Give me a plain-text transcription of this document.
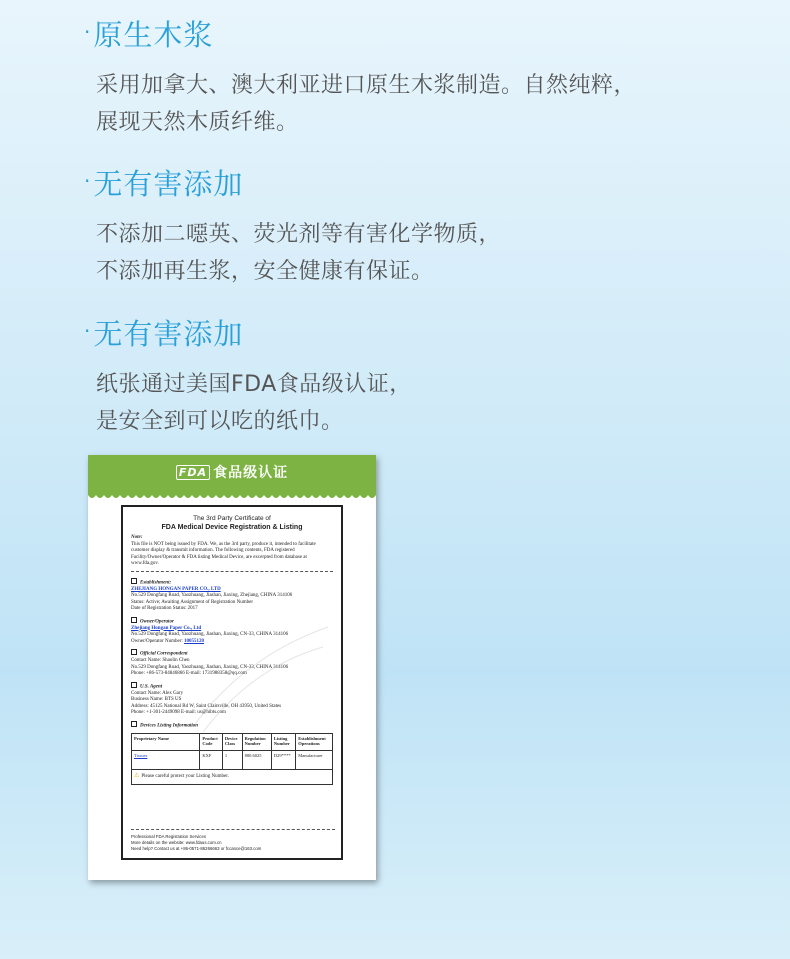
·原生木浆
采用加拿大、澳大利亚进口原生木浆制造。自然纯粹，
展现天然木质纤维。
·无有害添加
不添加二噁英、荧光剂等有害化学物质，
不添加再生浆，安全健康有保证。
·无有害添加
纸张通过美国FDA食品级认证，
是安全到可以吃的纸巾。
FDA 食品级认证
The 3rd Party Certificate of
FDA Medical Device Registration & Listing
Note:
This file is NOT being issued by FDA. We, as the 3rd party, produce it, intended to facilitate customer display & transmit information. The following contents, FDA registered Facility/Owner/Operator & FDA listing Medical Device, are excerpted from database at www.fda.gov.
Establishment:
ZHEJIANG HONGAN PAPER CO., LTD
No.529 Dongfang Road, Yaozhuang, Jiashan, Jiaxing, Zhejiang, CHINA 314106
Status: Active; Awaiting Assignment of Registration Number
Date of Registration Status: 2017
Owner/Operator
Zhejiang Hongan Paper Co., Ltd
No.529 Dongfang Road, Yaozhuang, Jiashan, Jiaxing, CN-33, CHINA 314106
Owner/Operator Number: 10055120
Official Correspondent
Contact Name: Shaolin Chen
No.529 Dongfang Road, Yaozhuang, Jiashan, Jiaxing, CN-33, CHINA 314106
Phone: +86-573-84846866 E-mail: 1731988358@qq.com
U.S. Agent
Contact Name: Alex Gary
Business Name: BTS US
Address: 45125 National Rd W, Saint Clairsville, OH 43950, United States
Phone: +1-301-2449098 E-mail: us@hibts.com
Devices Listing Information
Proprietary Name	Product Code	Device Class	Regulation Number	Listing Number	Establishment Operations
Tissues	KXF	1	880.6025	D29****	Manufacturer
⚠ Please careful protect your Listing Number.
Professional FDA Registration Services
More details on the website: www.fdaus.com.cn
Need help? Contact us at +86-0571-86266663 or fccance@163.com
